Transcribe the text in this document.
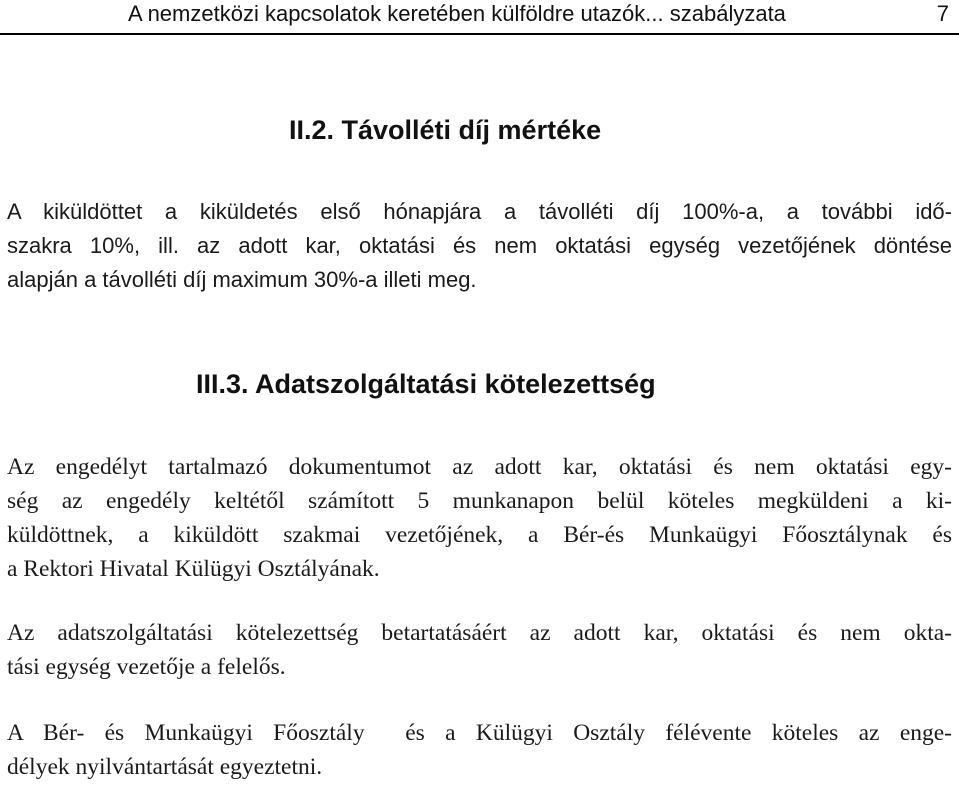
A nemzetközi kapcsolatok keretében külföldre utazók... szabályzata	7
II.2. Távolléti díj mértéke
A kiküldöttet a kiküldetés első hónapjára a távolléti díj 100%-a, a további idő-
szakra 10%, ill. az adott kar, oktatási és nem oktatási egység vezetőjének döntése
alapján a távolléti díj maximum 30%-a illeti meg.
III.3. Adatszolgáltatási kötelezettség
Az engedélyt tartalmazó dokumentumot az adott kar, oktatási és nem oktatási egy-
ség az engedély keltétől számított 5 munkanapon belül köteles megküldeni a ki-
küldöttnek, a kiküldött szakmai vezetőjének, a Bér-és Munkaügyi Főosztálynak és
a Rektori Hivatal Külügyi Osztályának.
Az adatszolgáltatási kötelezettség betartatásáért az adott kar, oktatási és nem okta-
tási egység vezetője a felelős.
A Bér- és Munkaügyi Főosztály  és a Külügyi Osztály félévente köteles az enge-
délyek nyilvántartását egyeztetni.
